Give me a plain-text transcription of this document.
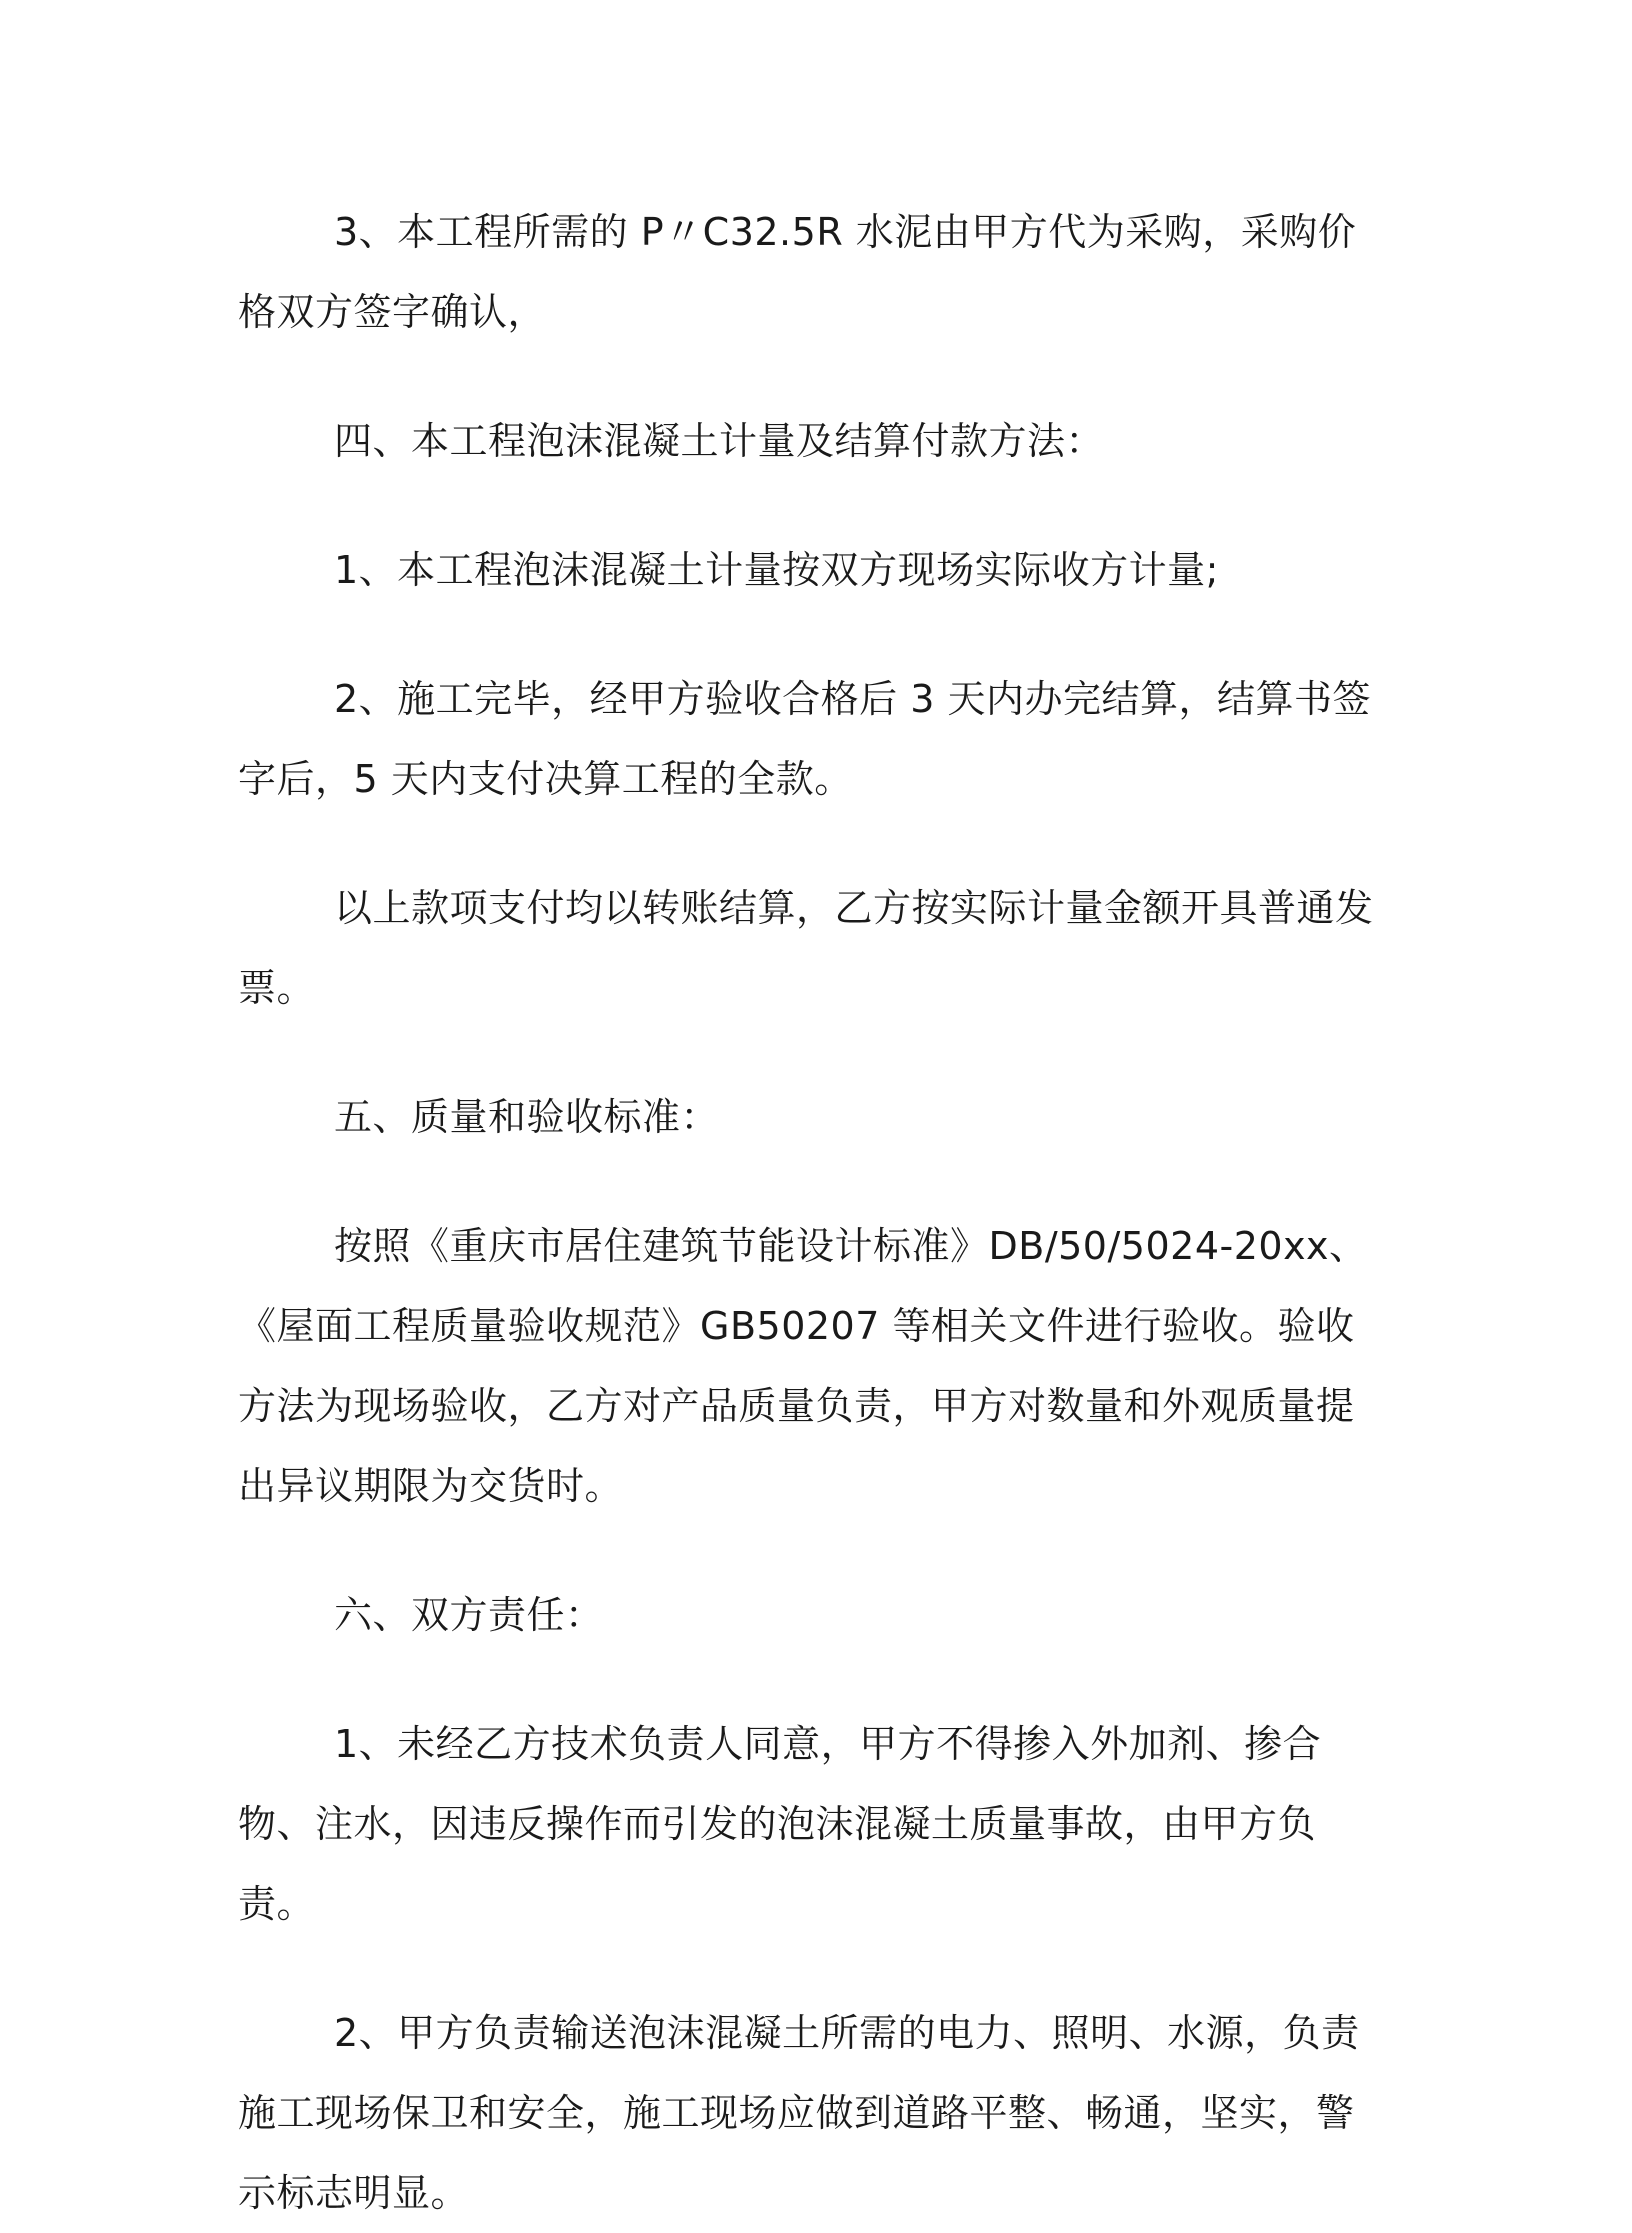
3、本工程所需的 P〃C32.5R 水泥由甲方代为采购，采购价格双方签字确认，

四、本工程泡沫混凝土计量及结算付款方法：

1、本工程泡沫混凝土计量按双方现场实际收方计量;

2、施工完毕，经甲方验收合格后 3 天内办完结算，结算书签字后，5 天内支付决算工程的全款。

以上款项支付均以转账结算，乙方按实际计量金额开具普通发票。

五、质量和验收标准：

按照《重庆市居住建筑节能设计标准》DB/50/5024-20xx、《屋面工程质量验收规范》GB50207 等相关文件进行验收。验收方法为现场验收，乙方对产品质量负责，甲方对数量和外观质量提出异议期限为交货时。

六、双方责任：

1、未经乙方技术负责人同意，甲方不得掺入外加剂、掺合物、注水，因违反操作而引发的泡沫混凝土质量事故，由甲方负责。

2、甲方负责输送泡沫混凝土所需的电力、照明、水源，负责施工现场保卫和安全，施工现场应做到道路平整、畅通，坚实，警示标志明显。
